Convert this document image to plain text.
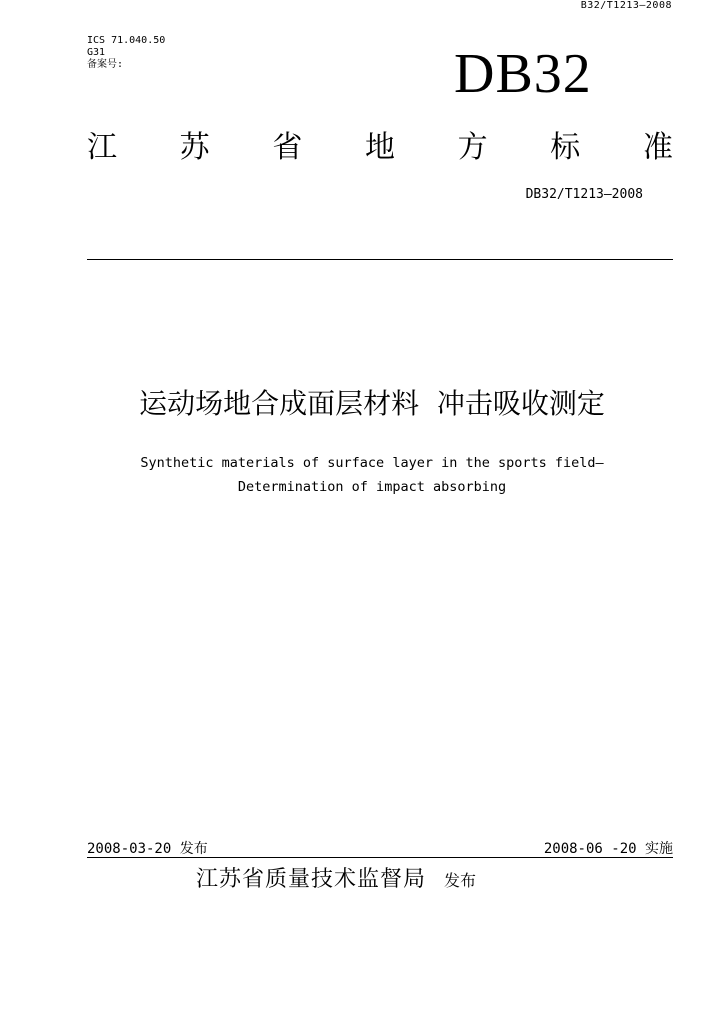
B32/T1213—2008
ICS 71.040.50
G31
备案号:	DB32
江 苏 省 地 方 标 准
DB32/T1213—2008
运动场地合成面层材料  冲击吸收测定
Synthetic materials of surface layer in the sports field—
Determination of impact absorbing
2008-03-20 发布	2008-06 -20 实施
江苏省质量技术监督局 发布
